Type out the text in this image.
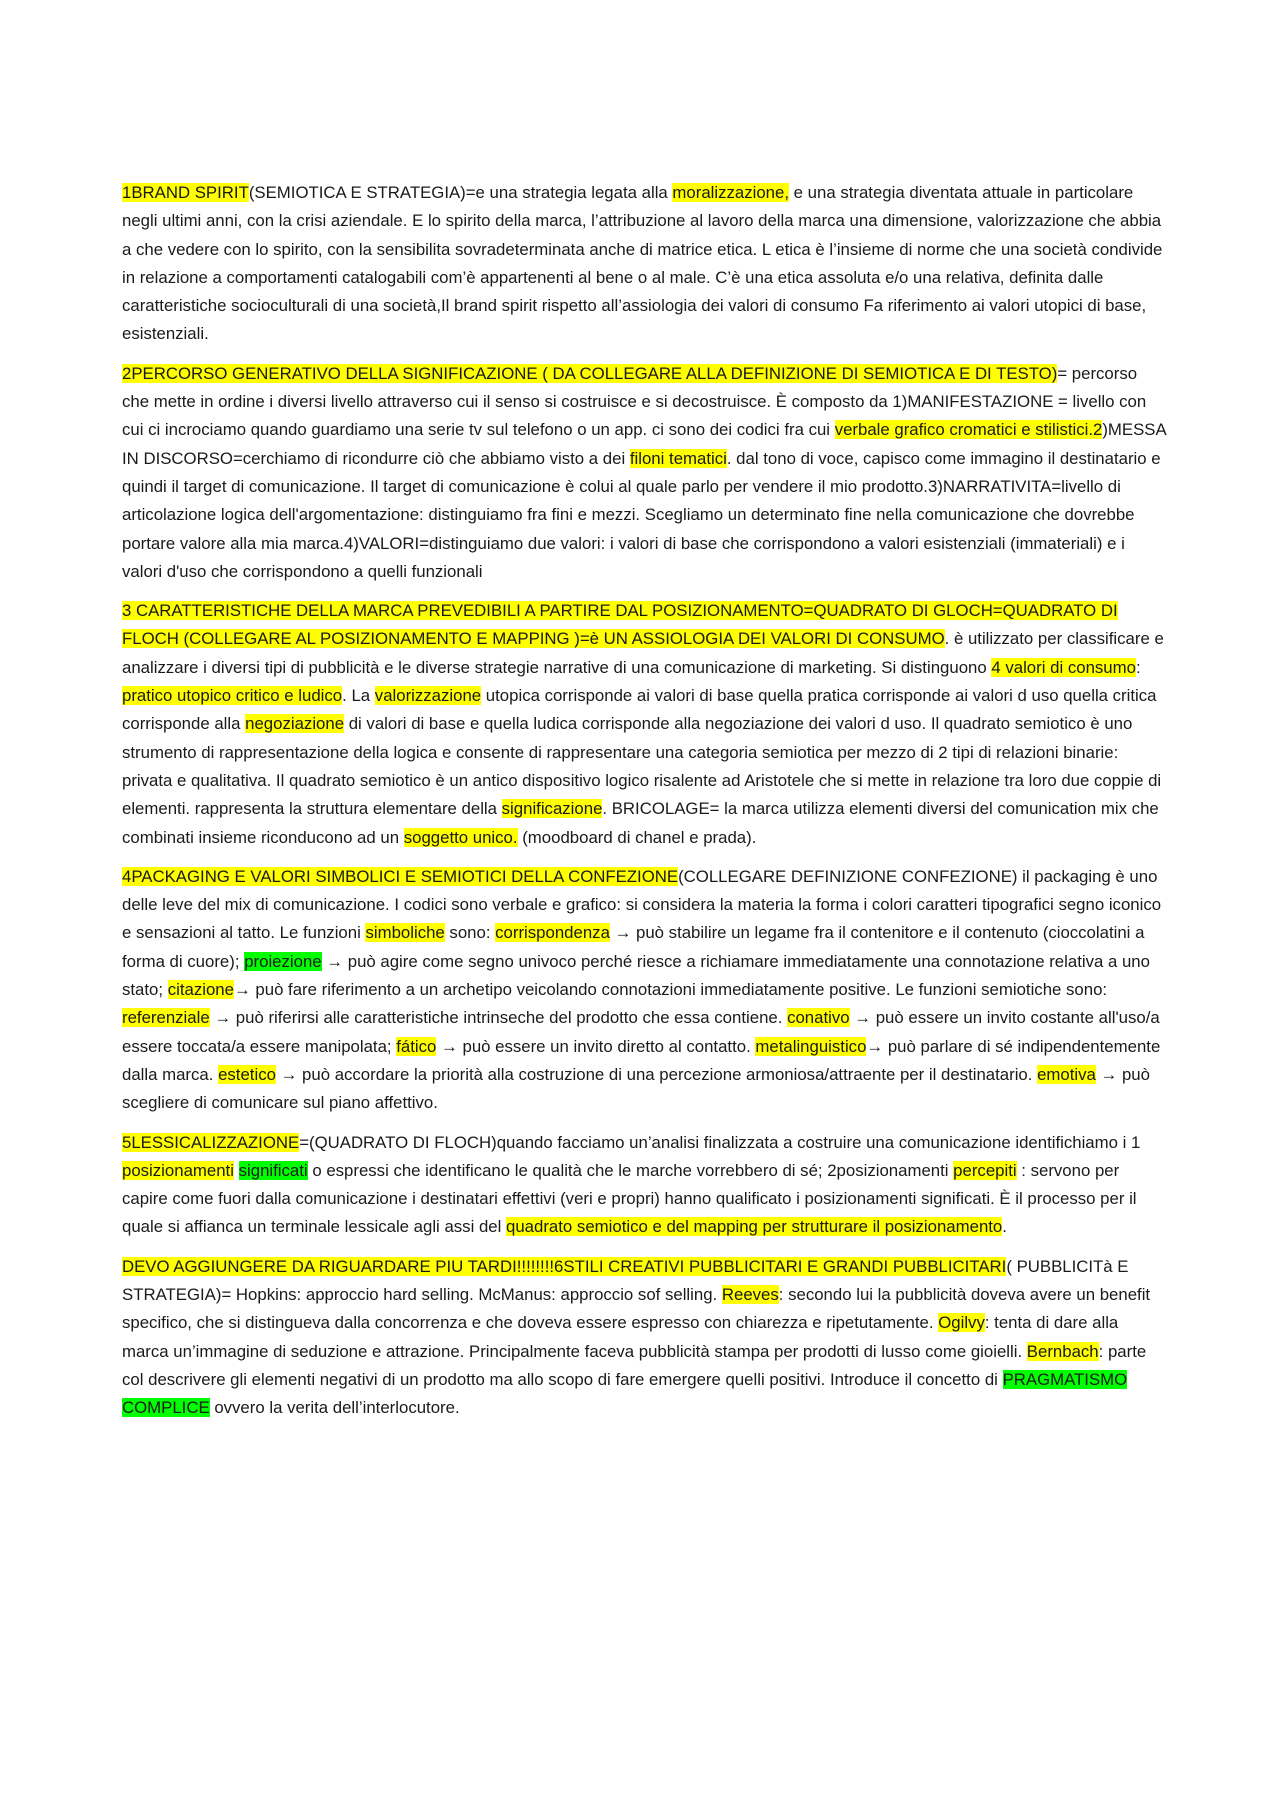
1BRAND SPIRIT(SEMIOTICA E STRATEGIA)=e una strategia legata alla moralizzazione, e una strategia diventata attuale in particolare negli ultimi anni, con la crisi aziendale. E lo spirito della marca, l’attribuzione al lavoro della marca una dimensione, valorizzazione che abbia a che vedere con lo spirito, con la sensibilita sovradeterminata anche di matrice etica. L etica è l’insieme di norme che una società condivide in relazione a comportamenti catalogabili com’è appartenenti al bene o al male. C’è una etica assoluta e/o una relativa, definita dalle caratteristiche socioculturali di una società,Il brand spirit rispetto all’assiologia dei valori di consumo Fa riferimento ai valori utopici di base, esistenziali.

2PERCORSO GENERATIVO DELLA SIGNIFICAZIONE ( DA COLLEGARE ALLA DEFINIZIONE DI SEMIOTICA E DI TESTO)= percorso che mette in ordine i diversi livello attraverso cui il senso si costruisce e si decostruisce. È composto da 1)MANIFESTAZIONE = livello con cui ci incrociamo quando guardiamo una serie tv sul telefono o un app. ci sono dei codici fra cui verbale grafico cromatici e stilistici.2)MESSA IN DISCORSO=cerchiamo di ricondurre ciò che abbiamo visto a dei filoni tematici. dal tono di voce, capisco come immagino il destinatario e quindi il target di comunicazione. Il target di comunicazione è colui al quale parlo per vendere il mio prodotto.3)NARRATIVITA=livello di articolazione logica dell'argomentazione: distinguiamo fra fini e mezzi. Scegliamo un determinato fine nella comunicazione che dovrebbe portare valore alla mia marca.4)VALORI=distinguiamo due valori: i valori di base che corrispondono a valori esistenziali (immateriali) e i valori d'uso che corrispondono a quelli funzionali

3 CARATTERISTICHE DELLA MARCA PREVEDIBILI A PARTIRE DAL POSIZIONAMENTO=QUADRATO DI GLOCH=QUADRATO DI FLOCH (COLLEGARE AL POSIZIONAMENTO E MAPPING )=è UN ASSIOLOGIA DEI VALORI DI CONSUMO. è utilizzato per classificare e analizzare i diversi tipi di pubblicità e le diverse strategie narrative di una comunicazione di marketing. Si distinguono 4 valori di consumo: pratico utopico critico e ludico. La valorizzazione utopica corrisponde ai valori di base quella pratica corrisponde ai valori d uso quella critica corrisponde alla negoziazione di valori di base e quella ludica corrisponde alla negoziazione dei valori d uso. Il quadrato semiotico è uno strumento di rappresentazione della logica e consente di rappresentare una categoria semiotica per mezzo di 2 tipi di relazioni binarie: privata e qualitativa. Il quadrato semiotico è un antico dispositivo logico risalente ad Aristotele che si mette in relazione tra loro due coppie di elementi. rappresenta la struttura elementare della significazione. BRICOLAGE= la marca utilizza elementi diversi del comunication mix che combinati insieme riconducono ad un soggetto unico. (moodboard di chanel e prada).

4PACKAGING E VALORI SIMBOLICI E SEMIOTICI DELLA CONFEZIONE(COLLEGARE DEFINIZIONE CONFEZIONE) il packaging è uno delle leve del mix di comunicazione. I codici sono verbale e grafico: si considera la materia la forma i colori caratteri tipografici segno iconico e sensazioni al tatto. Le funzioni simboliche sono: corrispondenza → può stabilire un legame fra il contenitore e il contenuto (cioccolatini a forma di cuore); proiezione → può agire come segno univoco perché riesce a richiamare immediatamente una connotazione relativa a uno stato; citazione→ può fare riferimento a un archetipo veicolando connotazioni immediatamente positive. Le funzioni semiotiche sono: referenziale → può riferirsi alle caratteristiche intrinseche del prodotto che essa contiene. conativo → può essere un invito costante all'uso/a essere toccata/a essere manipolata; fático → può essere un invito diretto al contatto. metalinguistico→ può parlare di sé indipendentemente dalla marca. estetico → può accordare la priorità alla costruzione di una percezione armoniosa/attraente per il destinatario. emotiva → può scegliere di comunicare sul piano affettivo.

5LESSICALIZZAZIONE=(QUADRATO DI FLOCH)quando facciamo un’analisi finalizzata a costruire una comunicazione identifichiamo i 1 posizionamenti significati o espressi che identificano le qualità che le marche vorrebbero di sé; 2posizionamenti percepiti : servono per capire come fuori dalla comunicazione i destinatari effettivi (veri e propri) hanno qualificato i posizionamenti significati. È il processo per il quale si affianca un terminale lessicale agli assi del quadrato semiotico e del mapping per strutturare il posizionamento.

DEVO AGGIUNGERE DA RIGUARDARE PIU TARDI!!!!!!!!6STILI CREATIVI PUBBLICITARI E GRANDI PUBBLICITARI( PUBBLICITà E STRATEGIA)= Hopkins: approccio hard selling. McManus: approccio sof selling. Reeves: secondo lui la pubblicità doveva avere un benefit specifico, che si distingueva dalla concorrenza e che doveva essere espresso con chiarezza e ripetutamente. Ogilvy: tenta di dare alla marca un’immagine di seduzione e attrazione. Principalmente faceva pubblicità stampa per prodotti di lusso come gioielli. Bernbach: parte col descrivere gli elementi negativi di un prodotto ma allo scopo di fare emergere quelli positivi. Introduce il concetto di PRAGMATISMO COMPLICE ovvero la verita dell’interlocutore.
